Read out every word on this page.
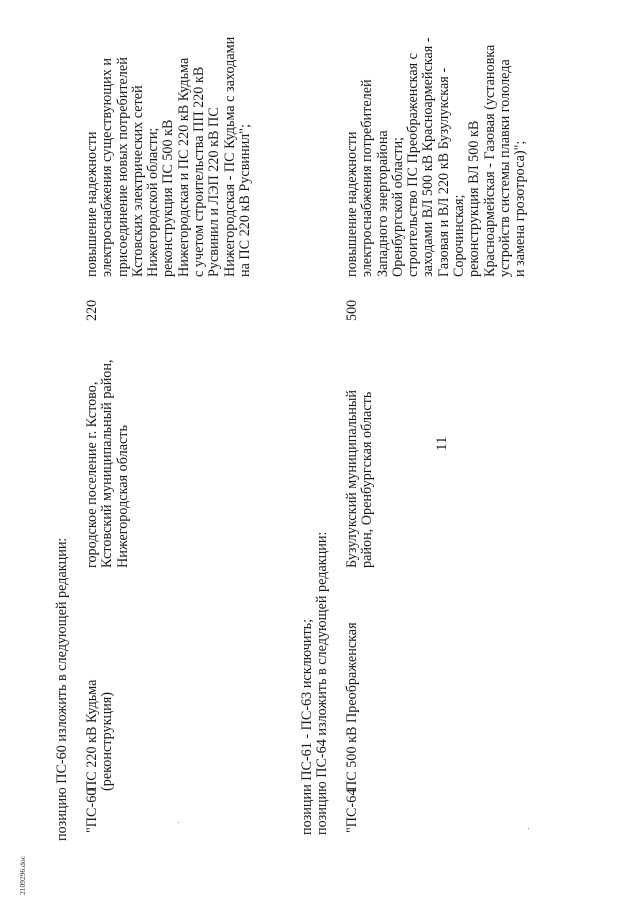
11
позицию ПС-60 изложить в следующей редакции: "ПС-60
ПС 220 кВ Кудьма
(реконструкция)
городское поселение г. Кстово,
Кстовский муниципальный район,
Нижегородская область
220
повышение надежности
электроснабжения существующих и
присоединение новых потребителей
Кстовских электрических сетей
Нижегородской области;
реконструкция ПС 500 кВ
Нижегородская и ПС 220 кВ Кудьма
с учетом строительства ПП 220 кВ
Русвинил и ЛЭП 220 кВ ПС
Нижегородская - ПС Кудьма с заходами
на ПС 220 кВ Русвинил";
позиции ПС-61 - ПС-63 исключить; позицию ПС-64 изложить в следующей редакции: "ПС-64
ПС 500 кВ Преображенская
Бузулукский муниципальный
район, Оренбургская область
500
повышение надежности
электроснабжения потребителей
Западного энергорайона
Оренбургской области;
строительство ПС Преображенская с
заходами ВЛ 500 кВ Красноармейская -
Газовая и ВЛ 220 кВ Бузулукская -
Сорочинская;
реконструкция ВЛ 500 кВ
Красноармейская - Газовая (установка
устройств системы плавки гололеда
и замена грозотроса)";
2109296.doc
